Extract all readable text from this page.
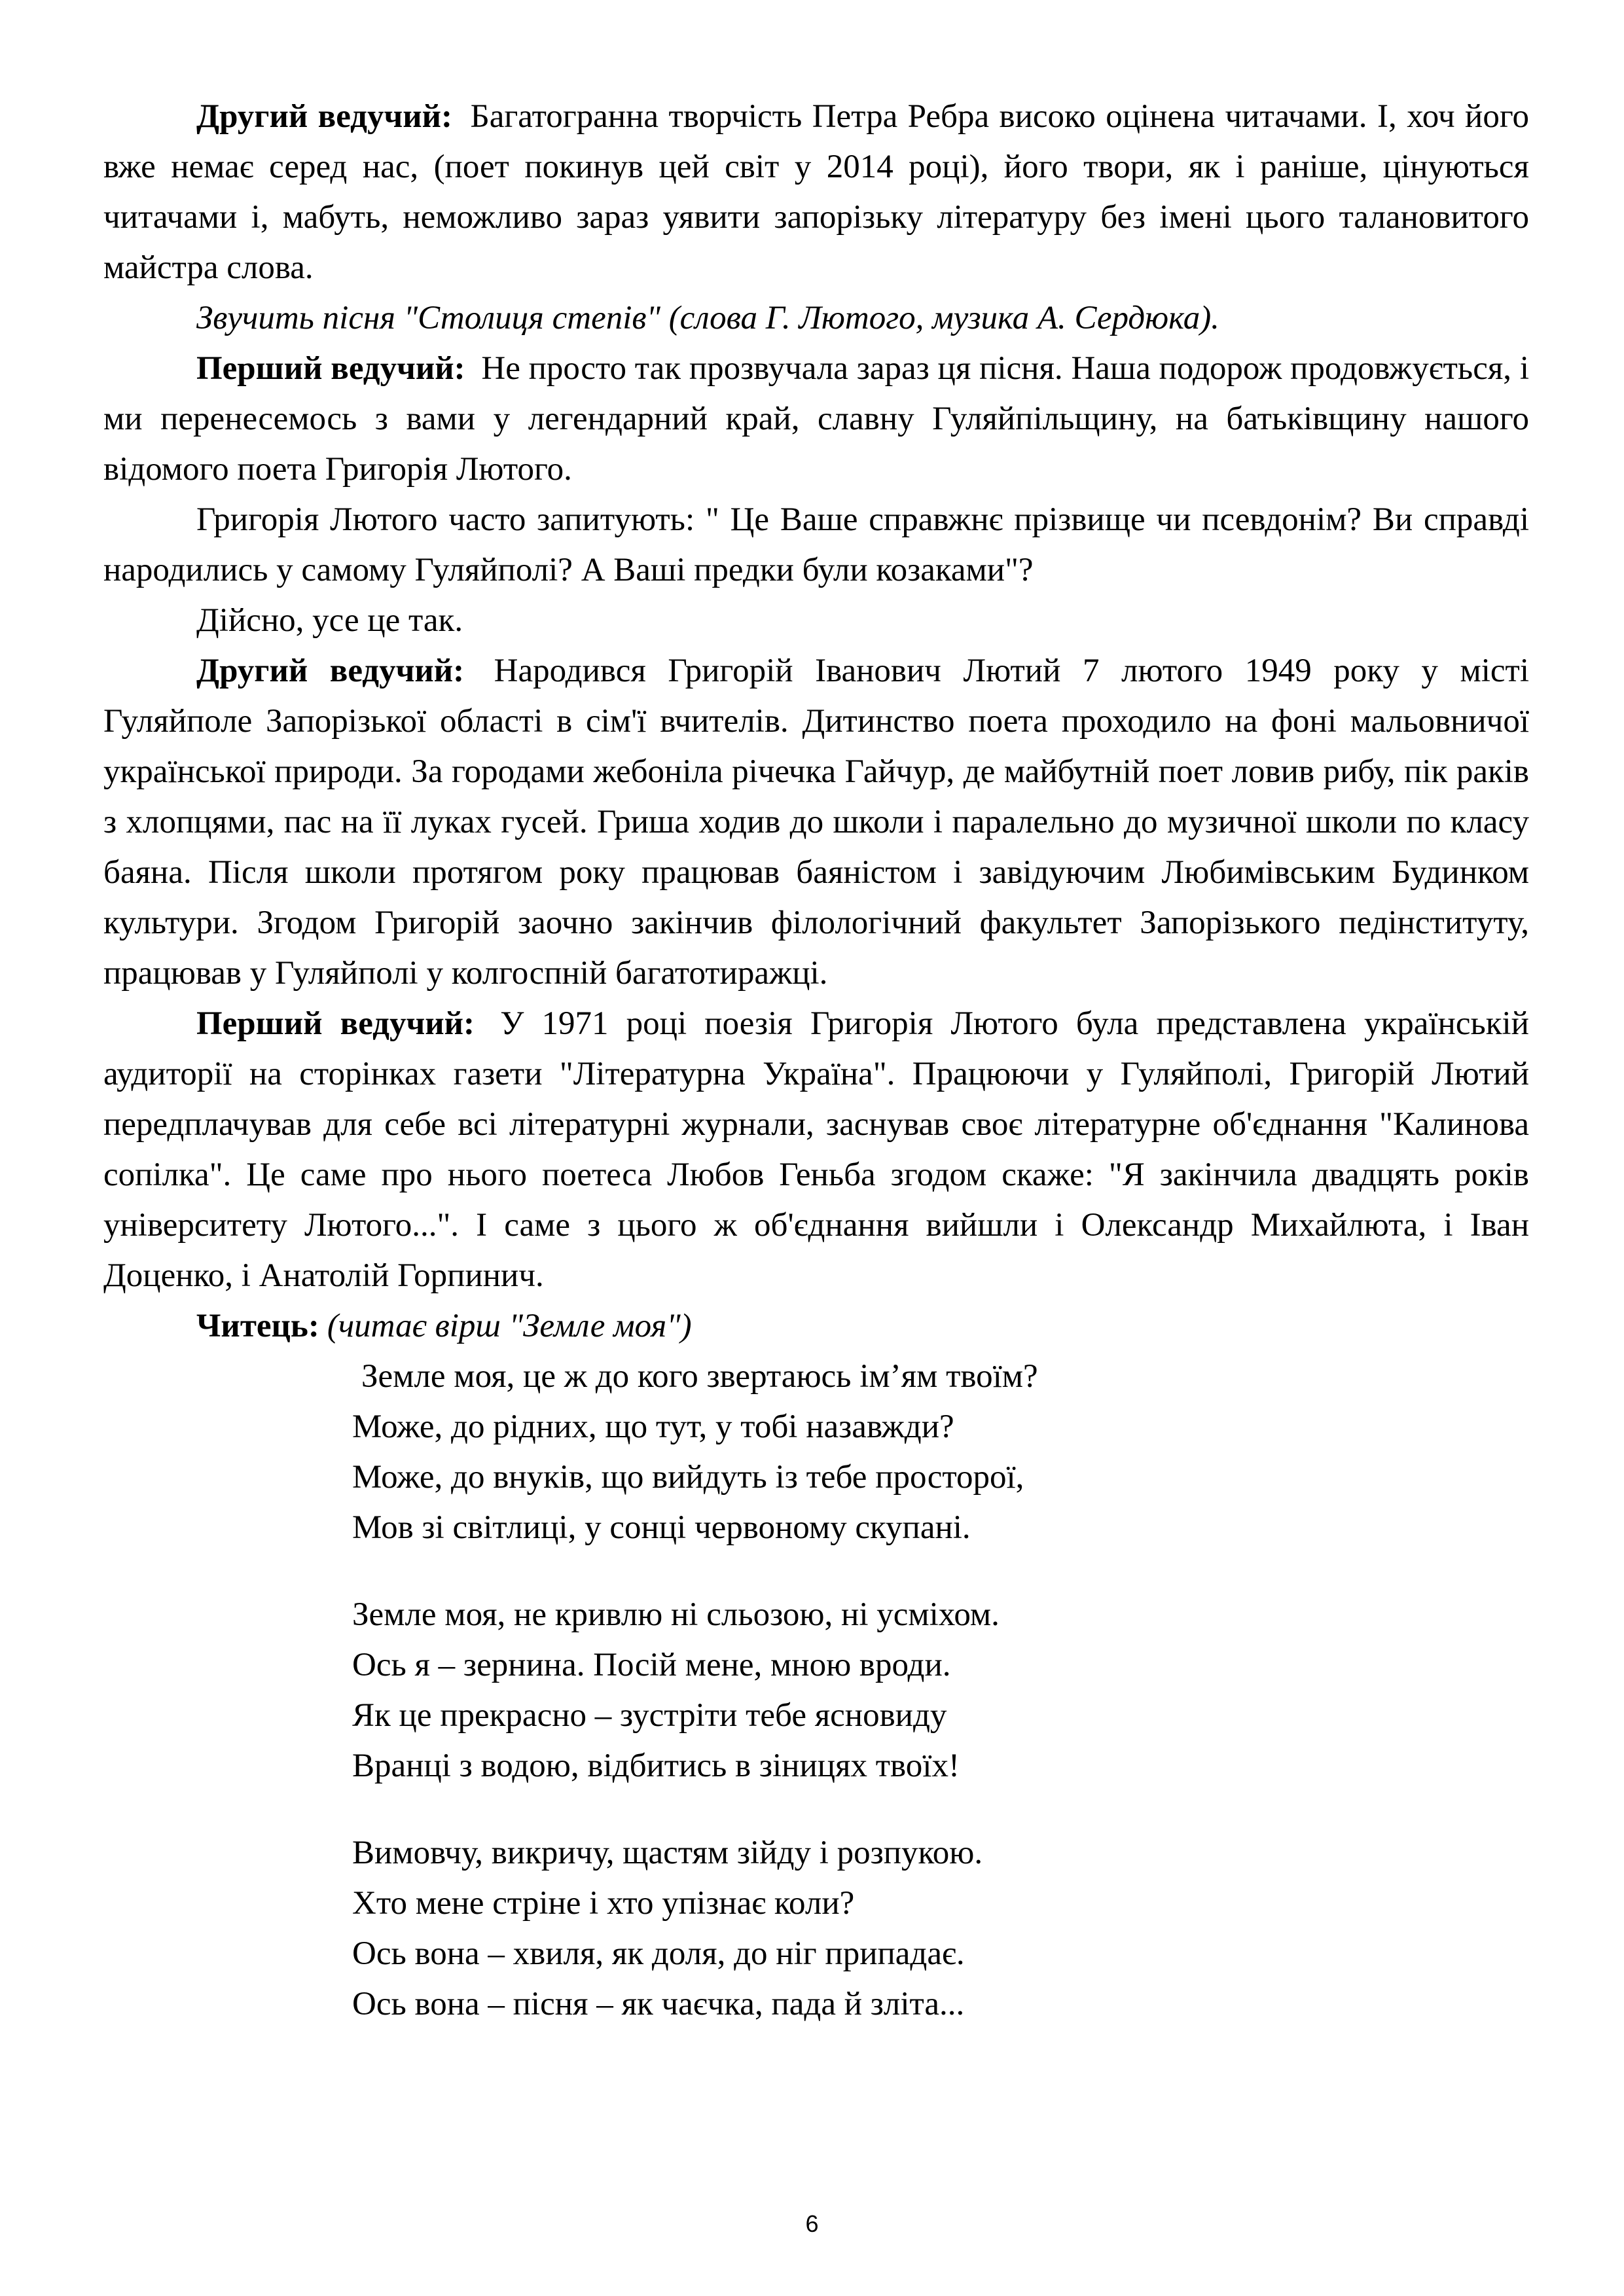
Другий ведучий: Багатогранна творчість Петра Ребра високо оцінена читачами. І, хоч його вже немає серед нас, (поет покинув цей світ у 2014 році), його твори, як і раніше, цінуються читачами і, мабуть, неможливо зараз уявити запорізьку літературу без імені цього талановитого майстра слова.

Звучить пісня "Столиця степів" (слова Г. Лютого, музика А. Сердюка).

Перший ведучий: Не просто так прозвучала зараз ця пісня. Наша подорож продовжується, і ми перенесемось з вами у легендарний край, славну Гуляйпільщину, на батьківщину нашого відомого поета Григорія Лютого.

Григорія Лютого часто запитують: " Це Ваше справжнє прізвище чи псевдонім? Ви справді народились у самому Гуляйполі? А Ваші предки були козаками"?

Дійсно, усе це так.

Другий ведучий: Народився Григорій Іванович Лютий 7 лютого 1949 року у місті Гуляйполе Запорізької області в сім'ї вчителів. Дитинство поета проходило на фоні мальовничої української природи. За городами жебоніла річечка Гайчур, де майбутній поет ловив рибу, пік раків з хлопцями, пас на її луках гусей. Гриша ходив до школи і паралельно до музичної школи по класу баяна. Після школи протягом року працював баяністом і завідуючим Любимівським Будинком культури. Згодом Григорій заочно закінчив філологічний факультет Запорізького педінституту, працював у Гуляйполі у колгоспній багатотиражці.

Перший ведучий: У 1971 році поезія Григорія Лютого була представлена українській аудиторії на сторінках газети "Літературна Україна". Працюючи у Гуляйполі, Григорій Лютий передплачував для себе всі літературні журнали, заснував своє літературне об'єднання "Калинова сопілка". Це саме про нього поетеса Любов Геньба згодом скаже: "Я закінчила двадцять років університету Лютого...". І саме з цього ж об'єднання вийшли і Олександр Михайлюта, і Іван Доценко, і Анатолій Горпинич.

Читець: (читає вірш "Земле моя")
Земле моя, це ж до кого звертаюсь ім’ям твоїм?
Може, до рідних, що тут, у тобі назавжди?
Може, до внуків, що вийдуть із тебе просторої,
Мов зі світлиці, у сонці червоному скупані.
Земле моя, не кривлю ні сльозою, ні усміхом.
Ось я – зернина. Посій мене, мною вроди.
Як це прекрасно – зустріти тебе ясновиду
Вранці з водою, відбитись в зіницях твоїх!
Вимовчу, викричу, щастям зійду і розпукою.
Хто мене стріне і хто упізнає коли?
Ось вона – хвиля, як доля, до ніг припадає.
Ось вона – пісня – як чаєчка, пада й зліта...
6
